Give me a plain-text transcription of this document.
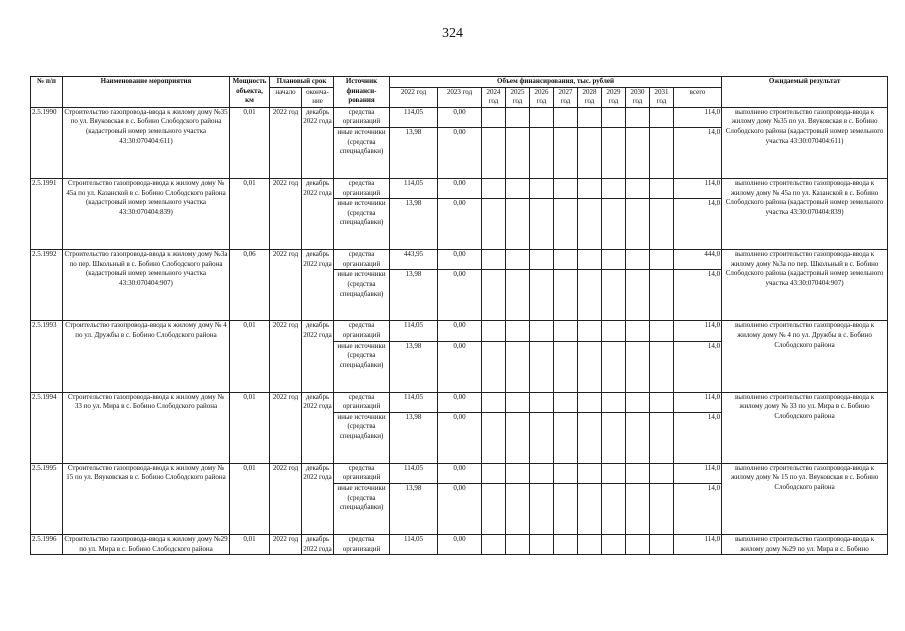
324
№ п/п	Наименование мероприятия	Мощность объекта, км	Плановый срок		Источник финанси-рования	Объем финансирования, тыс. рублей											Ожидаемый результат
			начало	оконча-ние		2022 год	2023 год	2024 год	2025 год	2026 год	2027 год	2028 год	2029 год	2030 год	2031 год	всего	

2.5.1990	Строительство газопровода-ввода к жилому дому №35 по ул. Вяуковская в с. Бобино Слободского района (кадастровый номер земельного участка 43:30:070404:611)	0,01	2022 год	декабрь 2022 года	средства организаций	114,05	0,00									114,0	выполнено строительство газопровода-ввода к жилому дому №35 по ул. Вяуковская в с. Бобино Слободского района (кадастровый номер земельного участка 43:30:070404:611)
					иные источники (средства спецнадбавки)	13,98	0,00									14,0	
2.5.1991	Строительство газопровода-ввода к жилому дому № 45а по ул. Казанской в с. Бобино Слободского района (кадастровый номер земельного участка 43:30:070404:839)	0,01	2022 год	декабрь 2022 года	средства организаций	114,05	0,00									114,0	выполнено строительство газопровода-ввода к жилому дому № 45а по ул. Казанской в с. Бобино Слободского района (кадастровый номер земельного участка 43:30:070404:839)
					иные источники (средства спецнадбавки)	13,98	0,00									14,0	
2.5.1992	Строительство газопровода-ввода к жилому дому №3а по пер. Школьный в с. Бобино Слободского района (кадастровый номер земельного участка 43:30:070404:907)	0,06	2022 год	декабрь 2022 года	средства организаций	443,95	0,00									444,0	выполнено строительство газопровода-ввода к жилому дому №3а по пер. Школьный в с. Бобино Слободского района (кадастровый номер земельного участка 43:30:070404:907)
					иные источники (средства спецнадбавки)	13,98	0,00									14,0	
2.5.1993	Строительство газопровода-ввода к жилому дому № 4 по ул. Дружбы в с. Бобино Слободского района	0,01	2022 год	декабрь 2022 года	средства организаций	114,05	0,00									114,0	выполнено строительство газопровода-ввода к жилому дому № 4 по ул. Дружбы в с. Бобино Слободского района
					иные источники (средства спецнадбавки)	13,98	0,00									14,0	
2.5.1994	Строительство газопровода-ввода к жилому дому № 33 по ул. Мира в с. Бобино Слободского района	0,01	2022 год	декабрь 2022 года	средства организаций	114,05	0,00									114,0	выполнено строительство газопровода-ввода к жилому дому № 33 по ул. Мира в с. Бобино Слободского района
					иные источники (средства спецнадбавки)	13,98	0,00									14,0	
2.5.1995	Строительство газопровода-ввода к жилому дому № 15 по ул. Вяуковская в с. Бобино Слободского района	0,01	2022 год	декабрь 2022 года	средства организаций	114,05	0,00									114,0	выполнено строительство газопровода-ввода к жилому дому № 15 по ул. Вяуковская в с. Бобино Слободского района
					иные источники (средства спецнадбавки)	13,98	0,00									14,0	
2.5.1996	Строительство газопровода-ввода к жилому дому №29 по ул. Мира в с. Бобино Слободского района	0,01	2022 год	декабрь 2022 года	средства организаций	114,05	0,00									114,0	выполнено строительство газопровода-ввода к жилому дому №29 по ул. Мира в с. Бобино
